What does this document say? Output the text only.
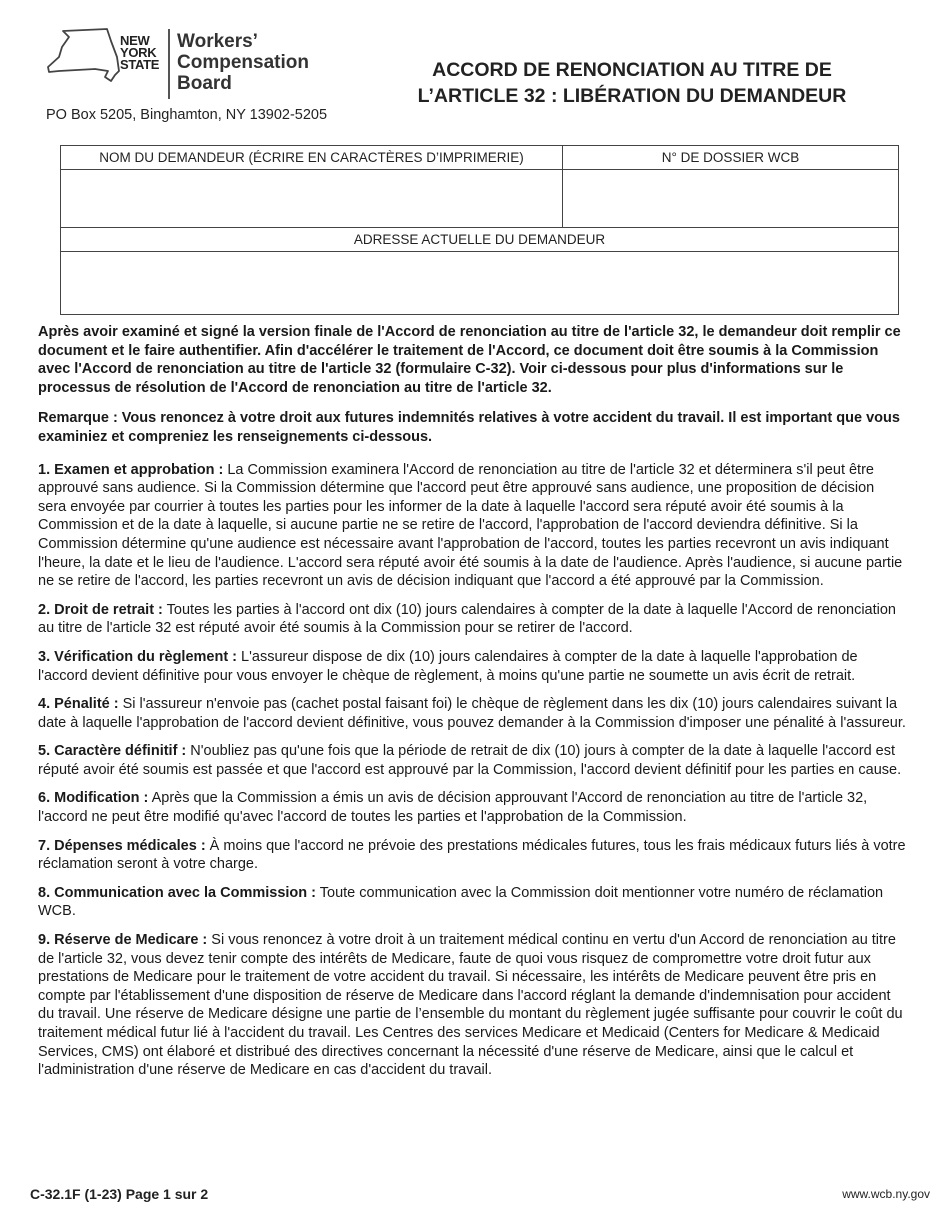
NEW
YORK
STATE
Workers’
Compensation
Board
PO Box 5205, Binghamton, NY 13902-5205
ACCORD DE RENONCIATION AU TITRE DE
L’ARTICLE 32 : LIBÉRATION DU DEMANDEUR
NOM DU DEMANDEUR (ÉCRIRE EN CARACTÈRES D’IMPRIMERIE)	N° DE DOSSIER WCB

ADRESSE ACTUELLE DU DEMANDEUR	

Après avoir examiné et signé la version finale de l'Accord de renonciation au titre de l'article 32, le demandeur doit remplir ce document et le faire authentifier. Afin d'accélérer le traitement de l'Accord, ce document doit être soumis à la Commission avec l'Accord de renonciation au titre de l'article 32 (formulaire C-32). Voir ci-dessous pour plus d'informations sur le processus de résolution de l'Accord de renonciation au titre de l'article 32.

Remarque : Vous renoncez à votre droit aux futures indemnités relatives à votre accident du travail. Il est important que vous examiniez et compreniez les renseignements ci-dessous.

1. Examen et approbation : La Commission examinera l'Accord de renonciation au titre de l'article 32 et déterminera s'il peut être approuvé sans audience. Si la Commission détermine que l'accord peut être approuvé sans audience, une proposition de décision sera envoyée par courrier à toutes les parties pour les informer de la date à laquelle l'accord sera réputé avoir été soumis à la Commission et de la date à laquelle, si aucune partie ne se retire de l'accord, l'approbation de l'accord deviendra définitive. Si la Commission détermine qu'une audience est nécessaire avant l'approbation de l'accord, toutes les parties recevront un avis indiquant l'heure, la date et le lieu de l'audience. L'accord sera réputé avoir été soumis à la date de l'audience. Après l'audience, si aucune partie ne se retire de l'accord, les parties recevront un avis de décision indiquant que l'accord a été approuvé par la Commission.

2. Droit de retrait : Toutes les parties à l'accord ont dix (10) jours calendaires à compter de la date à laquelle l'Accord de renonciation au titre de l'article 32 est réputé avoir été soumis à la Commission pour se retirer de l'accord.

3. Vérification du règlement : L'assureur dispose de dix (10) jours calendaires à compter de la date à laquelle l'approbation de l'accord devient définitive pour vous envoyer le chèque de règlement, à moins qu'une partie ne soumette un avis écrit de retrait.

4. Pénalité : Si l'assureur n'envoie pas (cachet postal faisant foi) le chèque de règlement dans les dix (10) jours calendaires suivant la date à laquelle l'approbation de l'accord devient définitive, vous pouvez demander à la Commission d'imposer une pénalité à l'assureur.

5. Caractère définitif : N'oubliez pas qu'une fois que la période de retrait de dix (10) jours à compter de la date à laquelle l'accord est réputé avoir été soumis est passée et que l'accord est approuvé par la Commission, l'accord devient définitif pour les parties en cause.

6. Modification : Après que la Commission a émis un avis de décision approuvant l'Accord de renonciation au titre de l'article 32, l'accord ne peut être modifié qu'avec l'accord de toutes les parties et l'approbation de la Commission.

7. Dépenses médicales : À moins que l'accord ne prévoie des prestations médicales futures, tous les frais médicaux futurs liés à votre réclamation seront à votre charge.

8. Communication avec la Commission : Toute communication avec la Commission doit mentionner votre numéro de réclamation WCB.

9. Réserve de Medicare : Si vous renoncez à votre droit à un traitement médical continu en vertu d'un Accord de renonciation au titre de l'article 32, vous devez tenir compte des intérêts de Medicare, faute de quoi vous risquez de compromettre votre droit futur aux prestations de Medicare pour le traitement de votre accident du travail. Si nécessaire, les intérêts de Medicare peuvent être pris en compte par l'établissement d'une disposition de réserve de Medicare dans l'accord réglant la demande d'indemnisation pour accident du travail. Une réserve de Medicare désigne une partie de l’ensemble du montant du règlement jugée suffisante pour couvrir le coût du traitement médical futur lié à l'accident du travail. Les Centres des services Medicare et Medicaid (Centers for Medicare & Medicaid Services, CMS) ont élaboré et distribué des directives concernant la nécessité d'une réserve de Medicare, ainsi que le calcul et l'administration d'une réserve de Medicare en cas d'accident du travail.

C-32.1F (1-23) Page 1 sur 2	www.wcb.ny.gov
